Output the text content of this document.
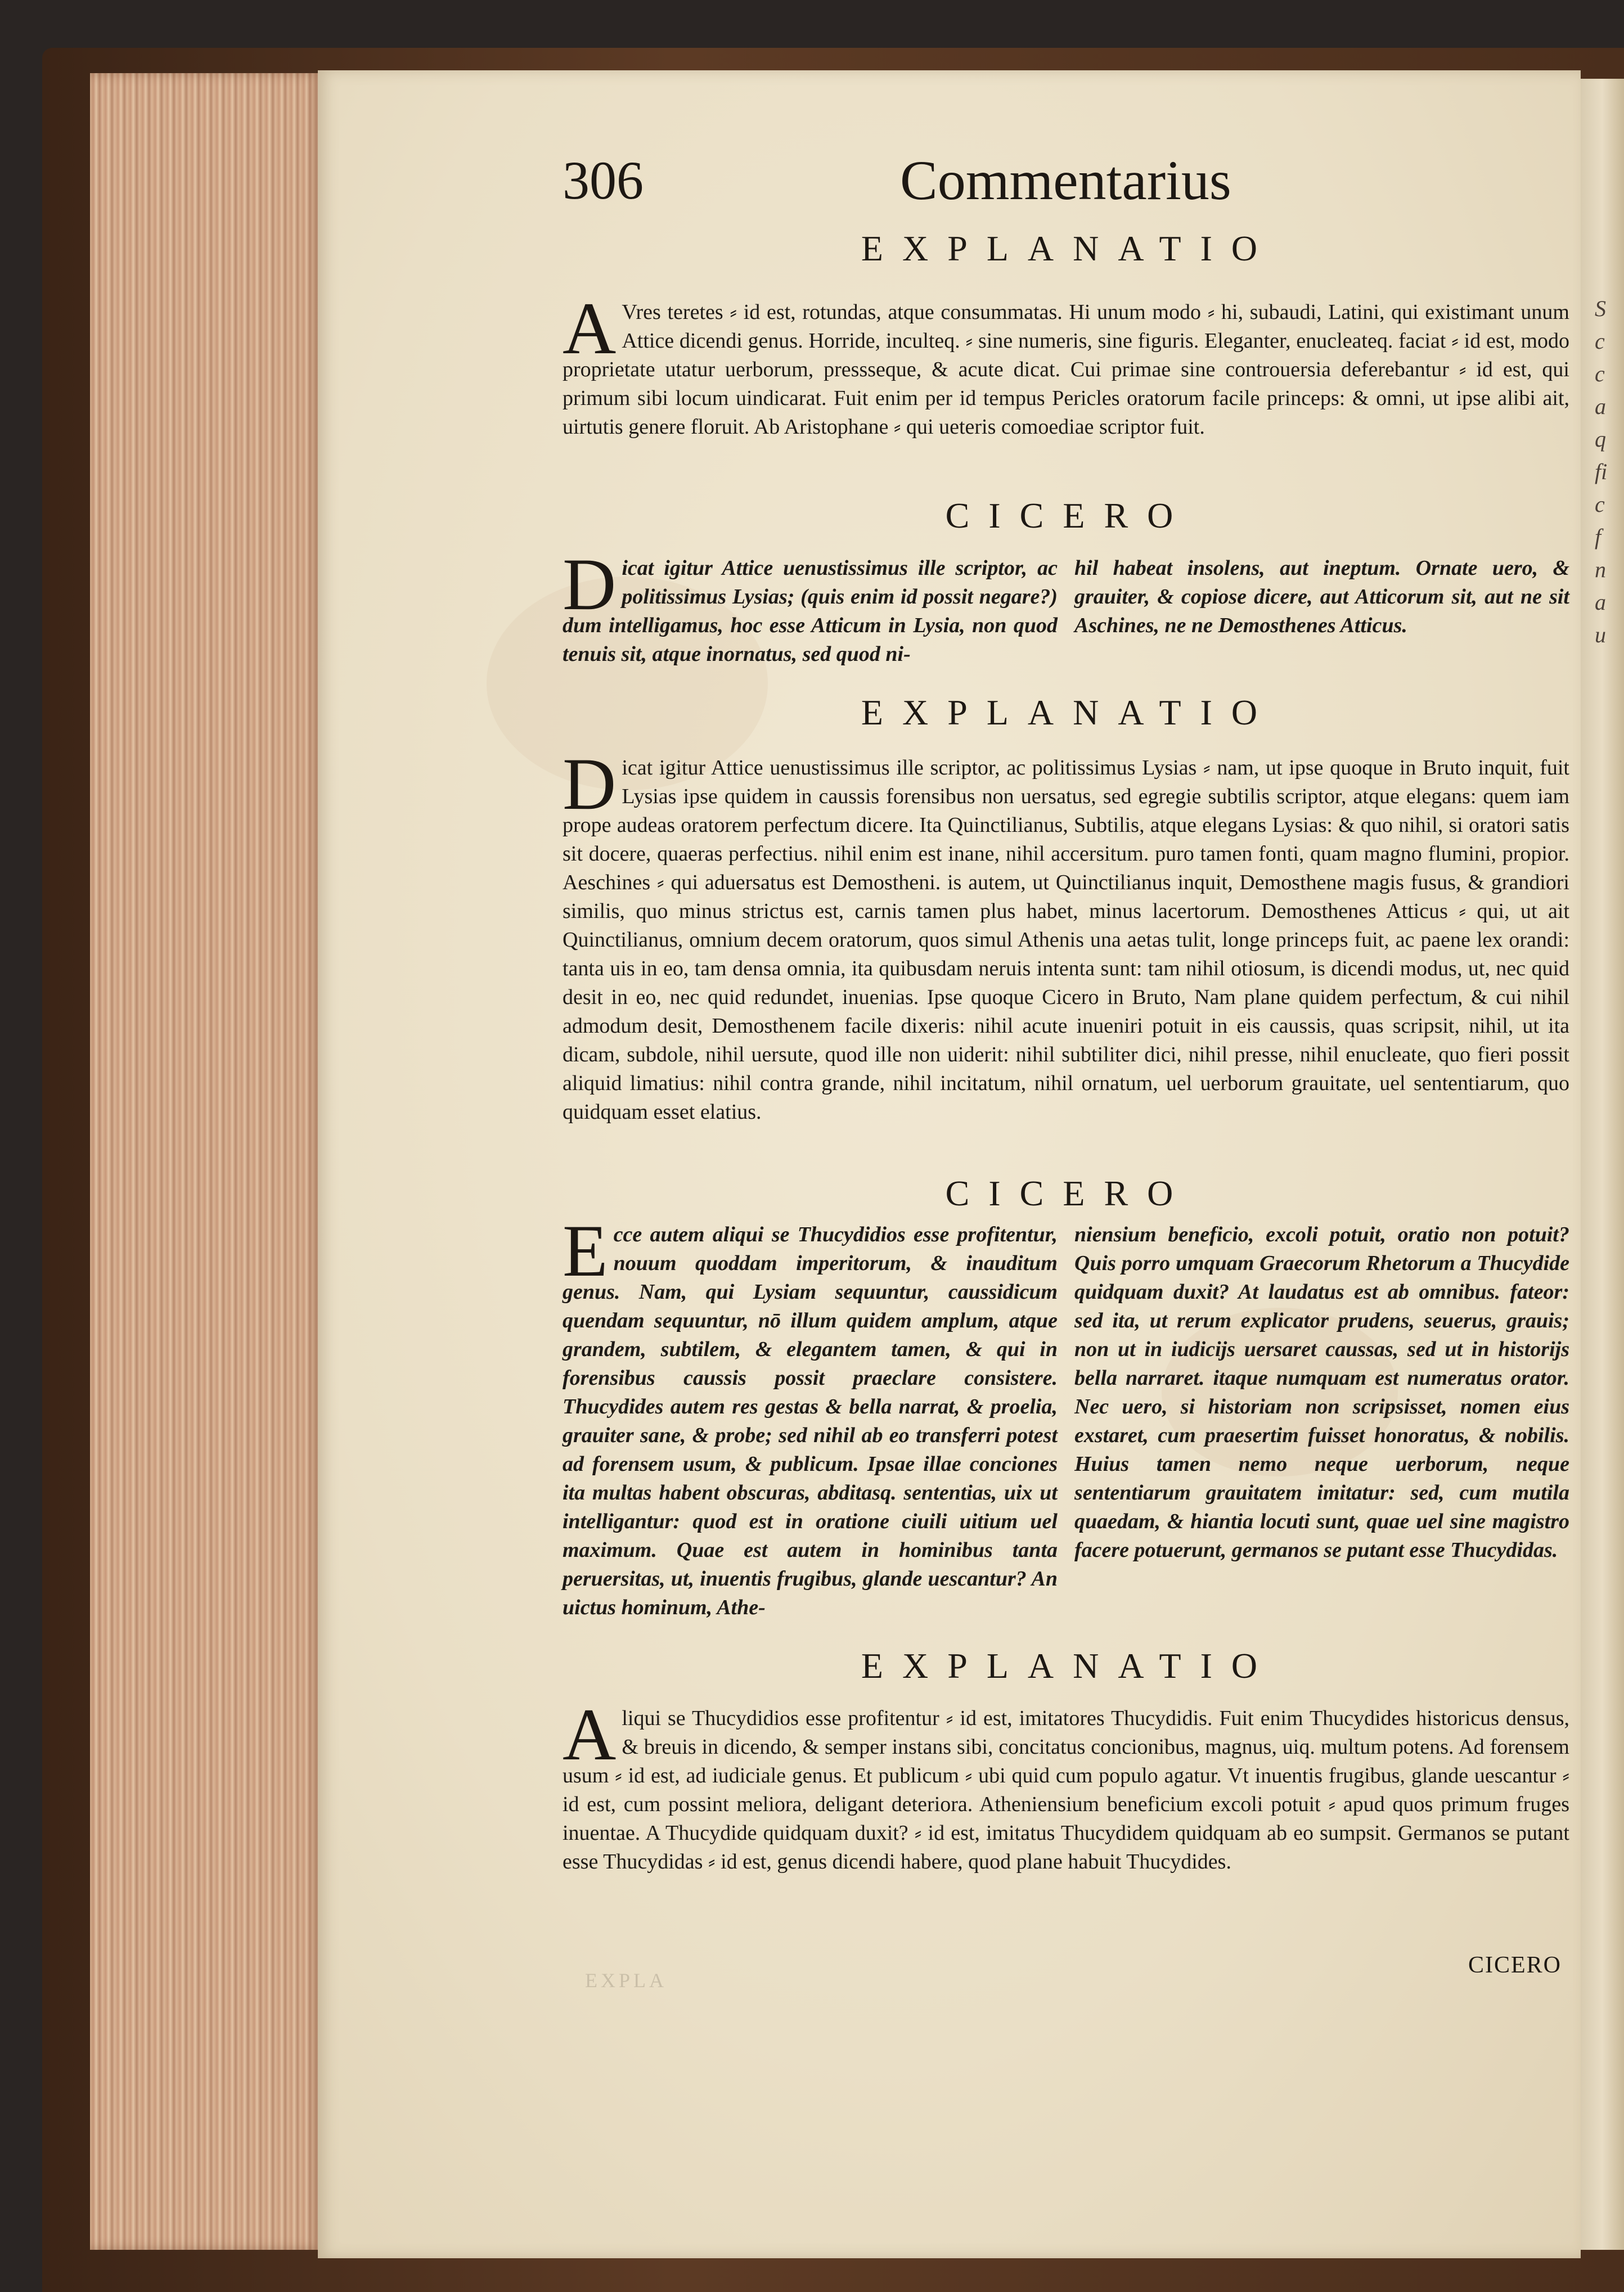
S
c
c
a
q
fi
c
f
n
a
u
306	Commentarius
EXPLANATIO

A Vres teretes ⸗ id est, rotundas, atque consummatas. Hi unum modo ⸗ hi, subaudi, Latini, qui existimant unum Attice dicendi genus. Horride, inculteq. ⸗ sine numeris, sine figuris. Eleganter, enucleateq. faciat ⸗ id est, modo proprietate utatur uerborum, pressseque, & acute dicat. Cui primae sine controuersia deferebantur ⸗ id est, qui primum sibi locum uindicarat. Fuit enim per id tempus Pericles oratorum facile princeps: & omni, ut ipse alibi ait, uirtutis genere floruit. Ab Aristophane ⸗ qui ueteris comoediae scriptor fuit.

CICERO

Dicat igitur Attice uenustissimus ille scriptor, ac politissimus Lysias; (quis enim id possit negare?) dum intelligamus, hoc esse Atticum in Lysia, non quod tenuis sit, atque inornatus, sed quod ni-

hil habeat insolens, aut ineptum. Ornate uero, & grauiter, & copiose dicere, aut Atticorum sit, aut ne sit Aschines, ne ne Demosthenes Atticus.

EXPLANATIO

Dicat igitur Attice uenustissimus ille scriptor, ac politissimus Lysias ⸗ nam, ut ipse quoque in Bruto inquit, fuit Lysias ipse quidem in caussis forensibus non uersatus, sed egregie subtilis scriptor, atque elegans: quem iam prope audeas oratorem perfectum dicere. Ita Quinctilianus, Subtilis, atque elegans Lysias: & quo nihil, si oratori satis sit docere, quaeras perfectius. nihil enim est inane, nihil accersitum. puro tamen fonti, quam magno flumini, propior. Aeschines ⸗ qui aduersatus est Demostheni. is autem, ut Quinctilianus inquit, Demosthene magis fusus, & grandiori similis, quo minus strictus est, carnis tamen plus habet, minus lacertorum. Demosthenes Atticus ⸗ qui, ut ait Quinctilianus, omnium decem oratorum, quos simul Athenis una aetas tulit, longe princeps fuit, ac paene lex orandi: tanta uis in eo, tam densa omnia, ita quibusdam neruis intenta sunt: tam nihil otiosum, is dicendi modus, ut, nec quid desit in eo, nec quid redundet, inuenias. Ipse quoque Cicero in Bruto, Nam plane quidem perfectum, & cui nihil admodum desit, Demosthenem facile dixeris: nihil acute inueniri potuit in eis caussis, quas scripsit, nihil, ut ita dicam, subdole, nihil uersute, quod ille non uiderit: nihil subtiliter dici, nihil presse, nihil enucleate, quo fieri possit aliquid limatius: nihil contra grande, nihil incitatum, nihil ornatum, uel uerborum grauitate, uel sententiarum, quo quidquam esset elatius.

CICERO

Ecce autem aliqui se Thucydidios esse profitentur, nouum quoddam imperitorum, & inauditum genus. Nam, qui Lysiam sequuntur, caussidicum quendam sequuntur, nō illum quidem amplum, atque grandem, subtilem, & elegantem tamen, & qui in forensibus caussis possit praeclare consistere. Thucydides autem res gestas & bella narrat, & proelia, grauiter sane, & probe; sed nihil ab eo transferri potest ad forensem usum, & publicum. Ipsae illae conciones ita multas habent obscuras, abditasq. sententias, uix ut intelligantur: quod est in oratione ciuili uitium uel maximum. Quae est autem in hominibus tanta peruersitas, ut, inuentis frugibus, glande uescantur? An uictus hominum, Athe-

niensium beneficio, excoli potuit, oratio non potuit? Quis porro umquam Graecorum Rhetorum a Thucydide quidquam duxit? At laudatus est ab omnibus. fateor: sed ita, ut rerum explicator prudens, seuerus, grauis; non ut in iudicijs uersaret caussas, sed ut in historijs bella narraret. itaque numquam est numeratus orator. Nec uero, si historiam non scripsisset, nomen eius exstaret, cum praesertim fuisset honoratus, & nobilis. Huius tamen nemo neque uerborum, neque sententiarum grauitatem imitatur: sed, cum mutila quaedam, & hiantia locuti sunt, quae uel sine magistro facere potuerunt, germanos se putant esse Thucydidas.

EXPLANATIO

Aliqui se Thucydidios esse profitentur ⸗ id est, imitatores Thucydidis. Fuit enim Thucydides historicus densus, & breuis in dicendo, & semper instans sibi, concitatus concionibus, magnus, uiq. multum potens. Ad forensem usum ⸗ id est, ad iudiciale genus. Et publicum ⸗ ubi quid cum populo agatur. Vt inuentis frugibus, glande uescantur ⸗ id est, cum possint meliora, deligant deteriora. Atheniensium beneficium excoli potuit ⸗ apud quos primum fruges inuentae. A Thucydide quidquam duxit? ⸗ id est, imitatus Thucydidem quidquam ab eo sumpsit. Germanos se putant esse Thucydidas ⸗ id est, genus dicendi habere, quod plane habuit Thucydides.

EXPLA
CICERO
